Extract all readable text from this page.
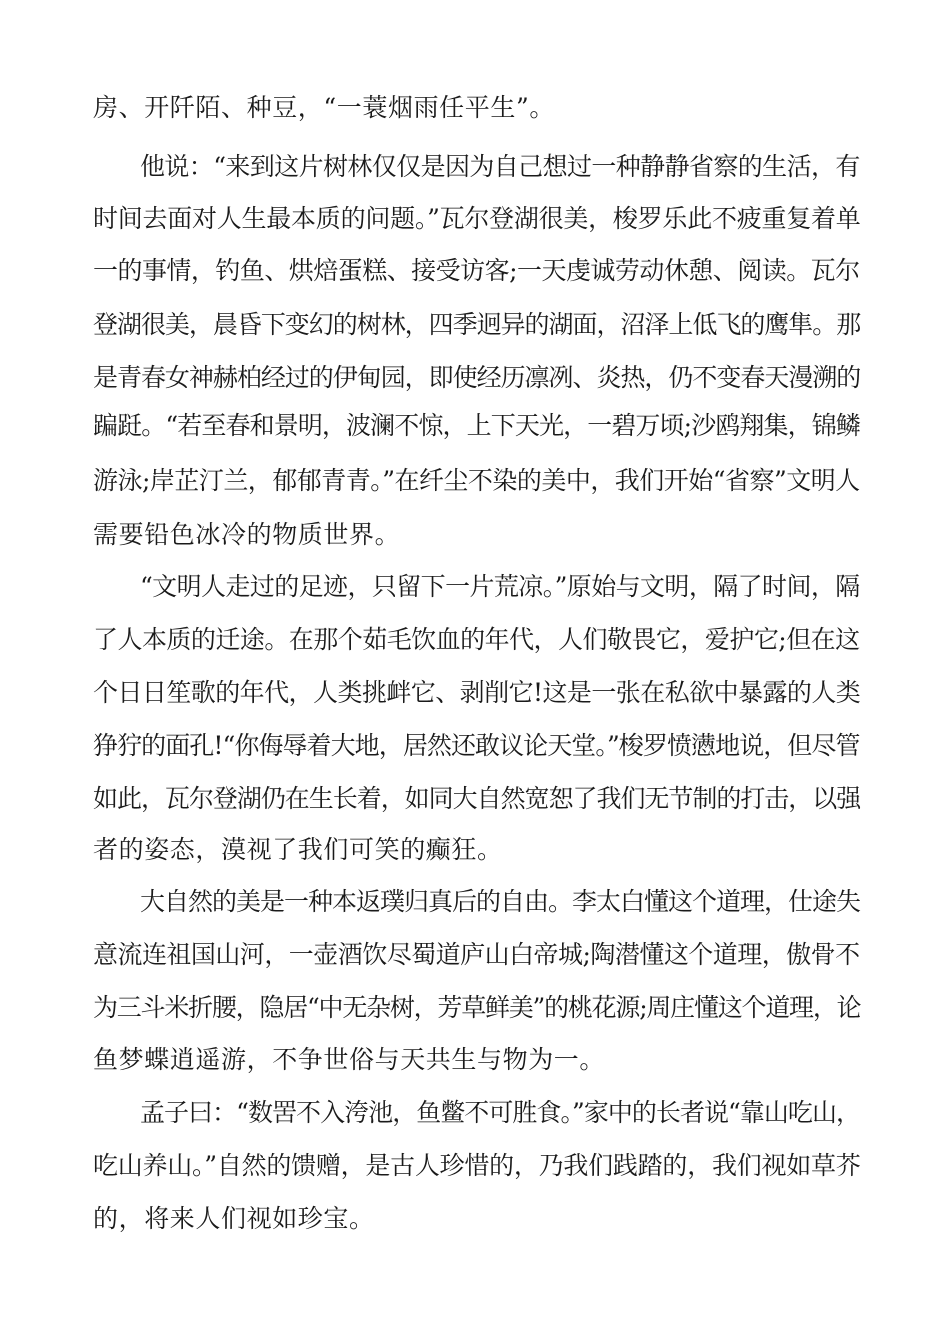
房、开阡陌、种豆，“一蓑烟雨任平生”。
他说：“来到这片树林仅仅是因为自己想过一种静静省察的生活，有
时间去面对人生最本质的问题。”瓦尔登湖很美，梭罗乐此不疲重复着单
一的事情，钓鱼、烘焙蛋糕、接受访客;一天虔诚劳动休憩、阅读。瓦尔
登湖很美，晨昏下变幻的树林，四季迥异的湖面，沼泽上低飞的鹰隼。那
是青春女神赫柏经过的伊甸园，即使经历凛冽、炎热，仍不变春天漫溯的
蹁跹。“若至春和景明，波澜不惊，上下天光，一碧万顷;沙鸥翔集，锦鳞
游泳;岸芷汀兰，郁郁青青。”在纤尘不染的美中，我们开始“省察”文明人
需要铅色冰冷的物质世界。
“文明人走过的足迹，只留下一片荒凉。”原始与文明，隔了时间，隔
了人本质的迁途。在那个茹毛饮血的年代，人们敬畏它，爱护它;但在这
个日日笙歌的年代，人类挑衅它、剥削它!这是一张在私欲中暴露的人类
狰狞的面孔!“你侮辱着大地，居然还敢议论天堂。”梭罗愤懑地说，但尽管
如此，瓦尔登湖仍在生长着，如同大自然宽恕了我们无节制的打击，以强
者的姿态，漠视了我们可笑的癫狂。
大自然的美是一种本返璞归真后的自由。李太白懂这个道理，仕途失
意流连祖国山河，一壶酒饮尽蜀道庐山白帝城;陶潜懂这个道理，傲骨不
为三斗米折腰，隐居“中无杂树，芳草鲜美”的桃花源;周庄懂这个道理，论
鱼梦蝶逍遥游，不争世俗与天共生与物为一。
孟子曰：“数罟不入洿池，鱼鳖不可胜食。”家中的长者说“靠山吃山，
吃山养山。”自然的馈赠，是古人珍惜的，乃我们践踏的，我们视如草芥
的，将来人们视如珍宝。
